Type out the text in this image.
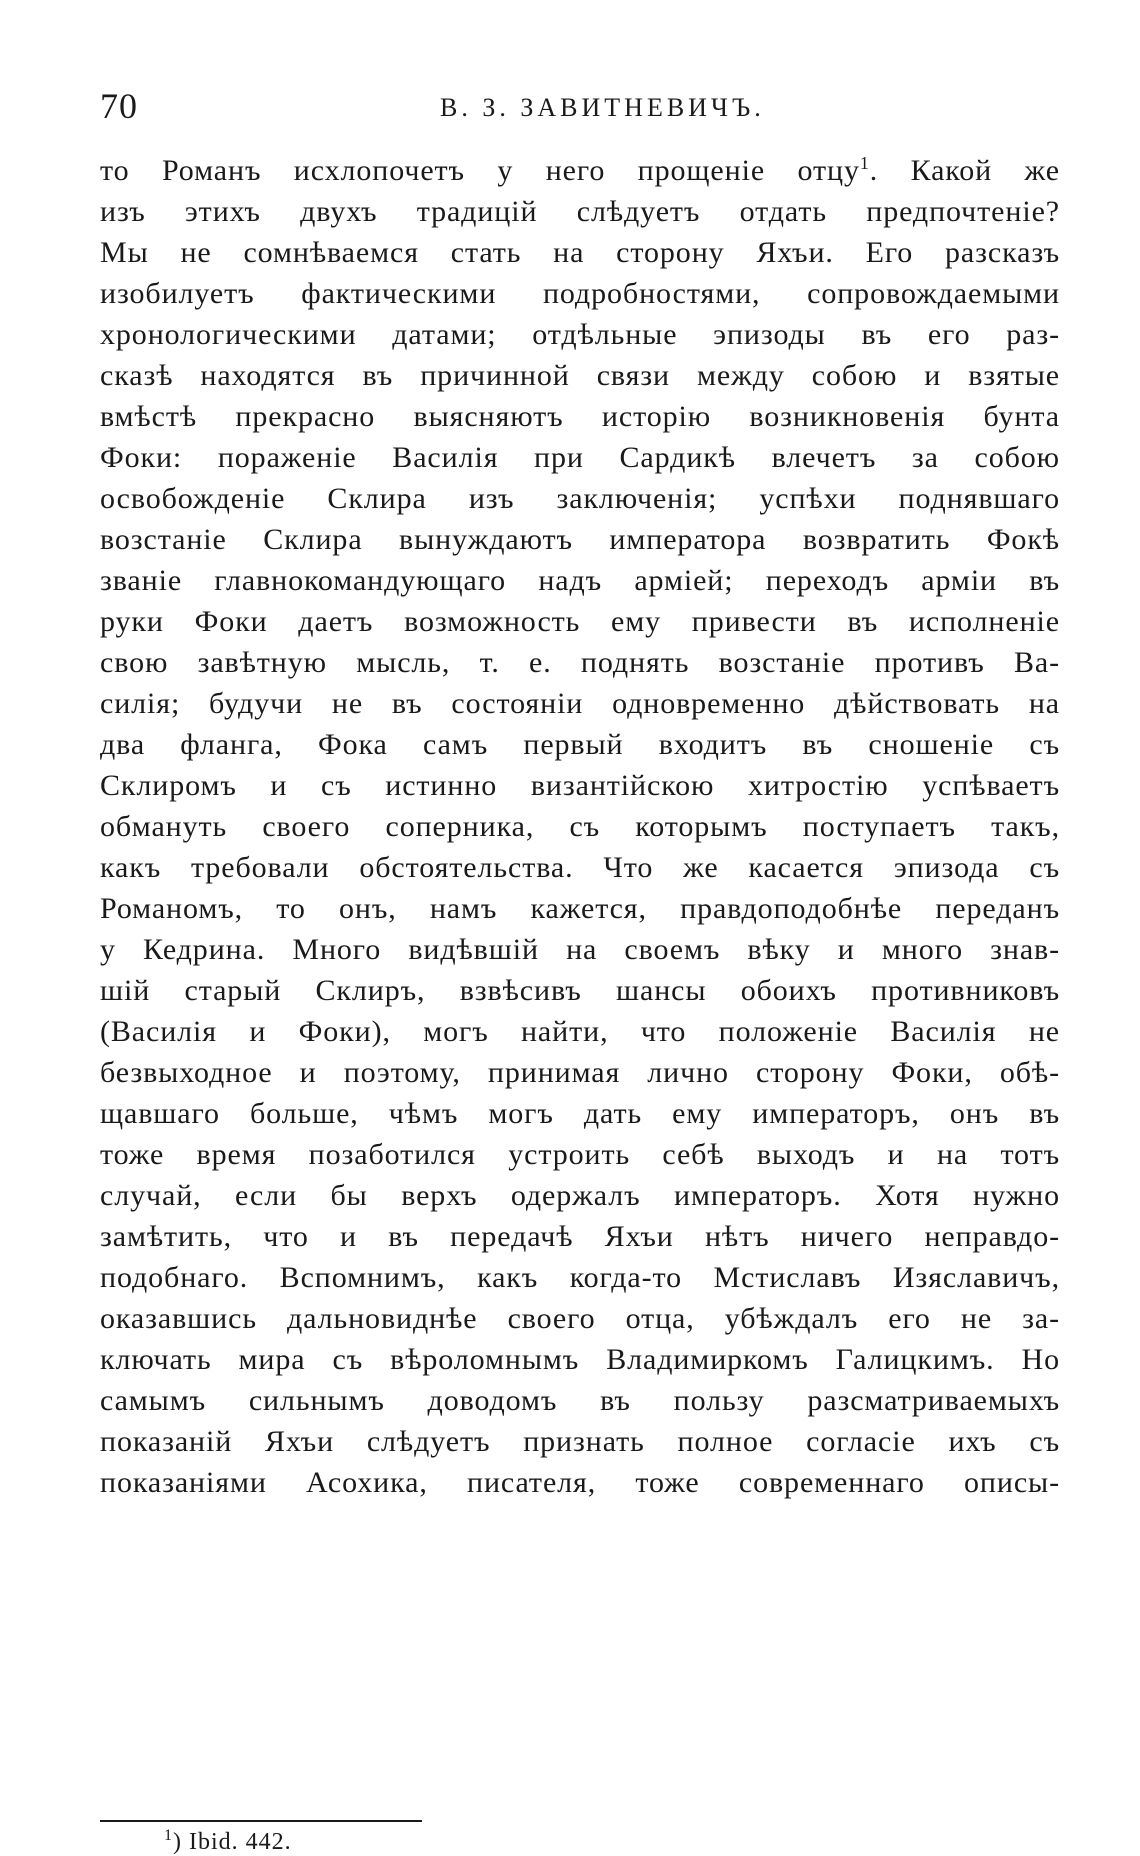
70	В. З. ЗАВИТНЕВИЧЪ.
то Романъ исхлопочетъ у него прощенiе отцу$^1$. Какой же
изъ этихъ двухъ традицiй слѣдуетъ отдать предпочтенiе?
Мы не сомнѣваемся стать на сторону Яхъи. Его разсказъ
изобилуетъ фактическими подробностями, сопровождаемыми
хронологическими датами; отдѣльные эпизоды въ его раз-
сказѣ находятся въ причинной связи между собою и взятые
вмѣстѣ прекрасно выясняютъ исторiю возникновенiя бунта
Фоки: пораженiе Василiя при Сардикѣ влечетъ за собою
освобожденiе Склира изъ заключенiя; успѣхи поднявшаго
возстанiе Склира вынуждаютъ императора возвратить Фокѣ
званiе главнокомандующаго надъ армiей; переходъ армiи въ
руки Фоки даетъ возможность ему привести въ исполненiе
свою завѣтную мысль, т. е. поднять возстанiе противъ Ва-
силiя; будучи не въ состоянiи одновременно дѣйствовать на
два фланга, Фока самъ первый входитъ въ сношенiе съ
Склиромъ и съ истинно византiйскою хитростiю успѣваетъ
обмануть своего соперника, съ которымъ поступаетъ такъ,
какъ требовали обстоятельства. Что же касается эпизода съ
Романомъ, то онъ, намъ кажется, правдоподобнѣе переданъ
у Кедрина. Много видѣвшiй на своемъ вѣку и много знав-
шiй старый Склиръ, взвѣсивъ шансы обоихъ противниковъ
(Василiя и Фоки), могъ найти, что положенiе Василiя не
безвыходное и поэтому, принимая лично сторону Фоки, обѣ-
щавшаго больше, чѣмъ могъ дать ему императоръ, онъ въ
тоже время позаботился устроить себѣ выходъ и на тотъ
случай, если бы верхъ одержалъ императоръ. Хотя нужно
замѣтить, что и въ передачѣ Яхъи нѣтъ ничего неправдо-
подобнаго. Вспомнимъ, какъ когда-то Мстиславъ Изяславичъ,
оказавшись дальновиднѣе своего отца, убѣждалъ его не за-
ключать мира съ вѣроломнымъ Владимиркомъ Галицкимъ. Но
самымъ сильнымъ доводомъ въ пользу разсматриваемыхъ
показанiй Яхъи слѣдуетъ признать полное согласiе ихъ съ
показанiями Асохика, писателя, тоже современнаго описы-
$^1$) Ibid. 442.
